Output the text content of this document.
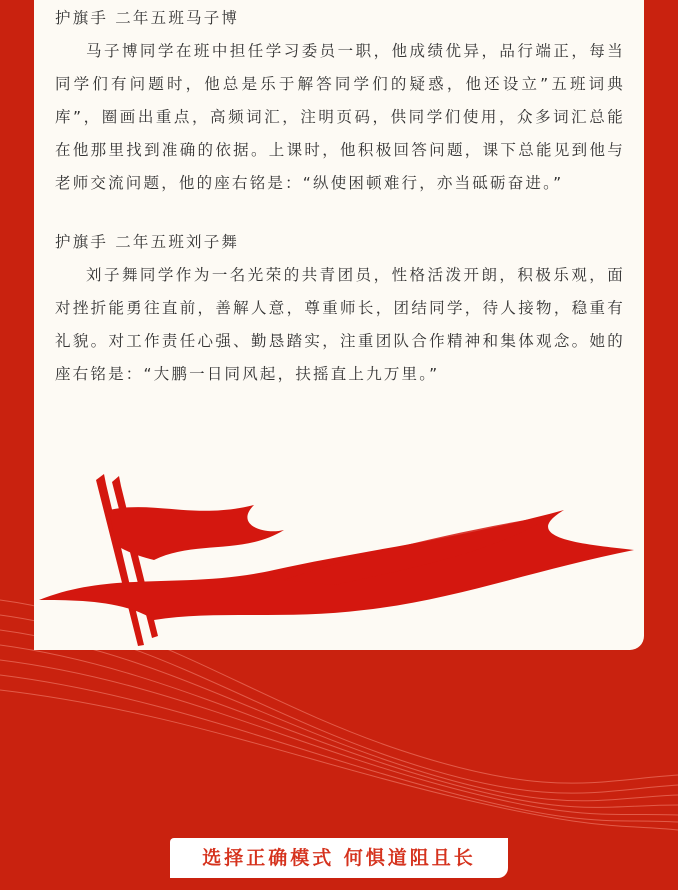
护旗手 二年五班马子博
马子博同学在班中担任学习委员一职，他成绩优异，品行端正，每当同学们有问题时，他总是乐于解答同学们的疑惑，他还设立”五班词典库”，圈画出重点，高频词汇，注明页码，供同学们使用，众多词汇总能在他那里找到准确的依据。上课时，他积极回答问题，课下总能见到他与老师交流问题，他的座右铭是：“纵使困顿难行，亦当砥砺奋进。”
护旗手 二年五班刘子舞
刘子舞同学作为一名光荣的共青团员，性格活泼开朗，积极乐观，面对挫折能勇往直前，善解人意，尊重师长，团结同学，待人接物，稳重有礼貌。对工作责任心强、勤恳踏实，注重团队合作精神和集体观念。她的座右铭是：“大鹏一日同风起，扶摇直上九万里。”
选择正确模式 何惧道阻且长
